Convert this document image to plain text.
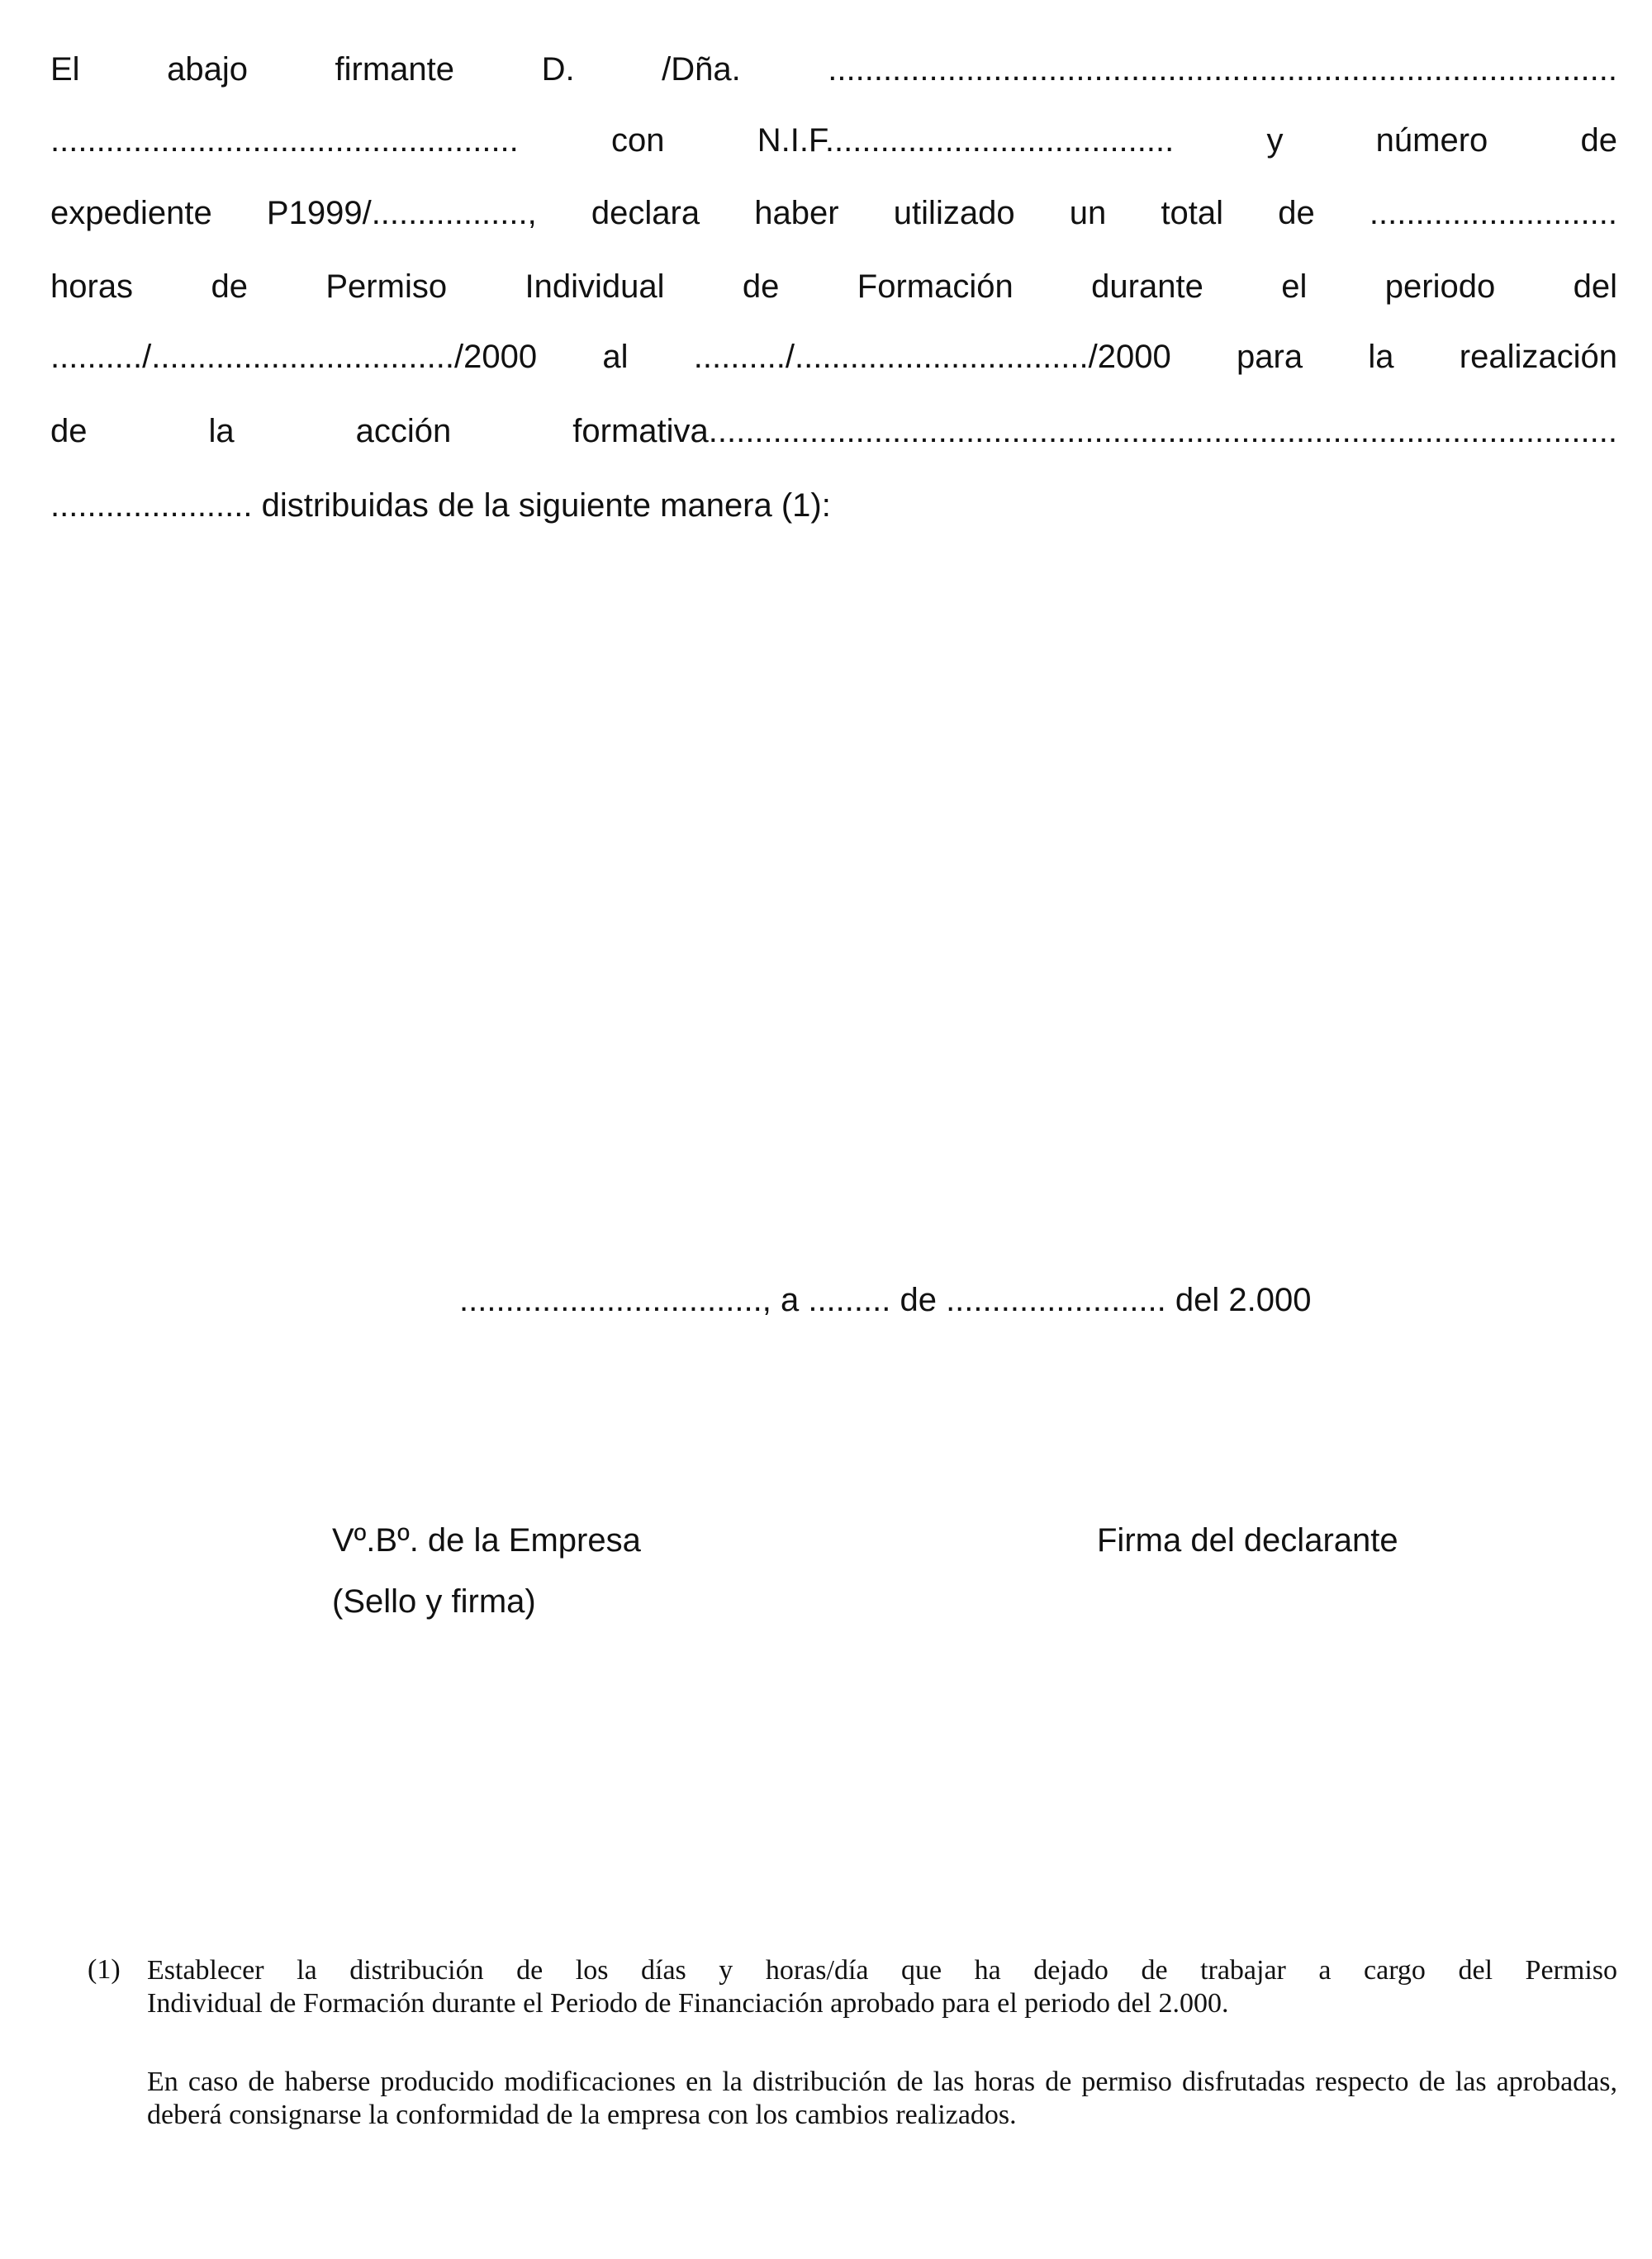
El abajo firmante D. /Dña. ......................................................................................
................................................... con N.I.F...................................... y número de
expediente P1999/................., declara haber utilizado un total de ...........................
horas de Permiso Individual de Formación durante el periodo del
........../................................./2000 al ........../................................/2000 para la realización
de la acción formativa...................................................................................................
...................... distribuidas de la siguiente manera (1):
................................., a ......... de ........................ del 2.000
Vº.Bº. de la Empresa
(Sello y firma)
Firma del declarante
(1) Establecer la distribución de los días y horas/día que ha dejado de trabajar a cargo del Permiso
Individual de Formación durante el Periodo de Financiación aprobado para el periodo del 2.000.
En caso de haberse producido modificaciones en la distribución de las horas de permiso disfrutadas respecto de las aprobadas, deberá consignarse la conformidad de la empresa con los cambios realizados.
